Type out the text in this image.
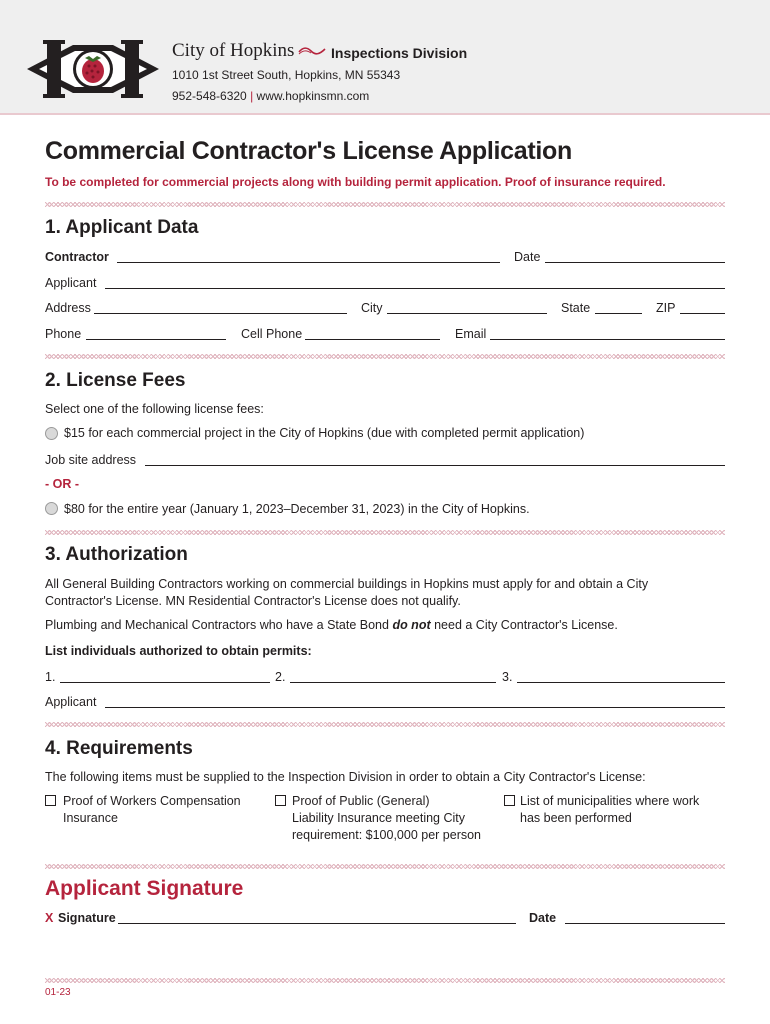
City of Hopkins	Inspections Division
1010 1st Street South, Hopkins, MN 55343
952-548-6320 | www.hopkinsmn.com
Commercial Contractor's License Application
To be completed for commercial projects along with building permit application. Proof of insurance required.
1. Applicant Data
Contractor	Date
Applicant
Address	City	State	ZIP
Phone	Cell Phone	Email
2. License Fees
Select one of the following license fees:
$15 for each commercial project in the City of Hopkins (due with completed permit application)
Job site address
- OR -
$80 for the entire year (January 1, 2023–December 31, 2023) in the City of Hopkins.
3. Authorization
All General Building Contractors working on commercial buildings in Hopkins must apply for and obtain a City
Contractor's License. MN Residential Contractor's License does not qualify.
Plumbing and Mechanical Contractors who have a State Bond do not need a City Contractor's License.
List individuals authorized to obtain permits:
1.	2.	3.
Applicant
4. Requirements
The following items must be supplied to the Inspection Division in order to obtain a City Contractor's License:
Proof of Workers Compensation
Insurance
Proof of Public (General)
Liability Insurance meeting City
requirement: $100,000 per person
List of municipalities where work
has been performed
Applicant Signature
X Signature	Date
01-23
